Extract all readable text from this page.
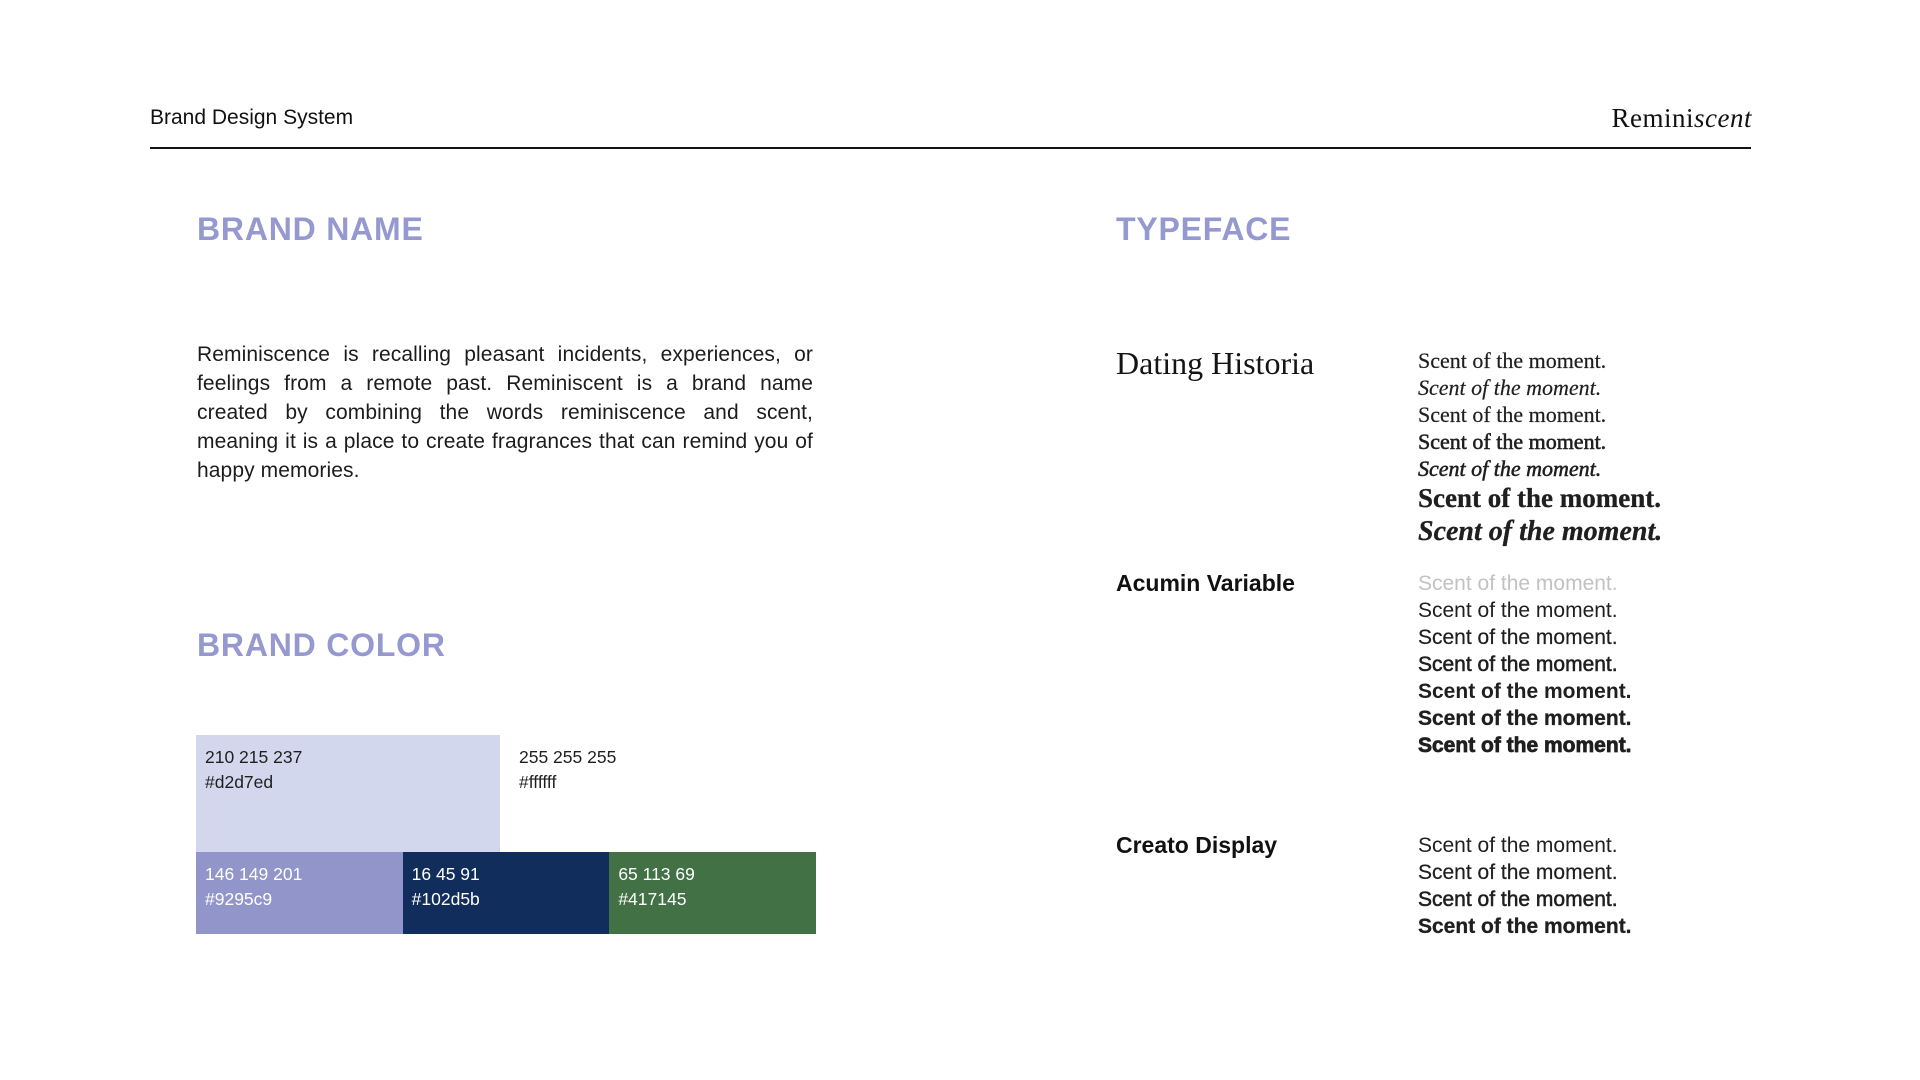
Brand Design System	Reminiscent
BRAND NAME
Reminiscence is recalling pleasant incidents, experiences, or feelings from a remote past. Reminiscent is a brand name created by combining the words reminiscence and scent, meaning it is a place to create fragrances that can remind you of happy memories.
BRAND COLOR
210 215 237
#d2d7ed
255 255 255
#ffffff
146 149 201
#9295c9
16 45 91
#102d5b
65 113 69
#417145
TYPEFACE
Dating Historia	Scent of the moment.
Scent of the moment.
Scent of the moment.
Scent of the moment.
Scent of the moment.
Scent of the moment.
Scent of the moment.
Acumin Variable	Scent of the moment.
Scent of the moment.
Scent of the moment.
Scent of the moment.
Scent of the moment.
Scent of the moment.
Scent of the moment.
Creato Display	Scent of the moment.
Scent of the moment.
Scent of the moment.
Scent of the moment.
